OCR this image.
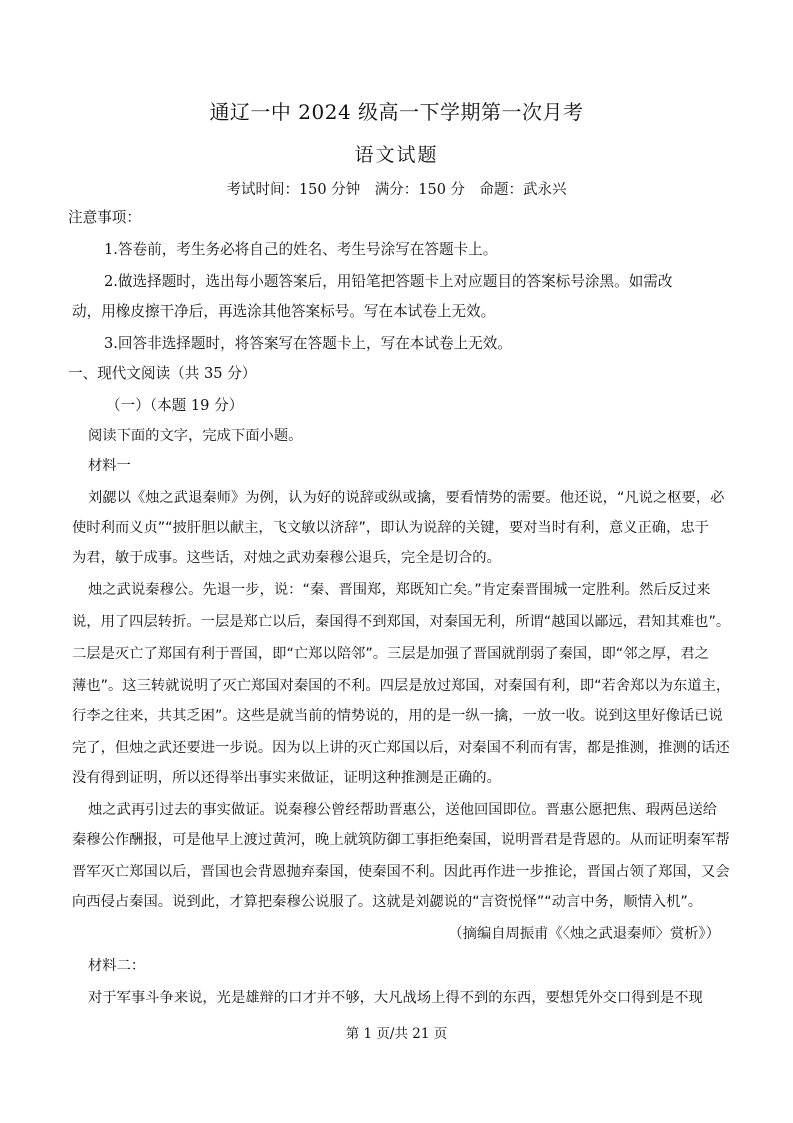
通辽一中 2024 级高一下学期第一次月考
语文试题
考试时间：150 分钟　满分：150 分　命题：武永兴
注意事项：
1.答卷前，考生务必将自己的姓名、考生号涂写在答题卡上。
2.做选择题时，选出每小题答案后，用铅笔把答题卡上对应题目的答案标号涂黑。如需改
动，用橡皮擦干净后，再选涂其他答案标号。写在本试卷上无效。
3.回答非选择题时，将答案写在答题卡上，写在本试卷上无效。
一、现代文阅读（共 35 分）
（一）（本题 19 分）
阅读下面的文字，完成下面小题。
材料一
刘勰以《烛之武退秦师》为例，认为好的说辞或纵或擒，要看情势的需要。他还说，“凡说之枢要，必
使时利而义贞”“披肝胆以献主，飞文敏以济辞”，即认为说辞的关键，要对当时有利，意义正确，忠于
为君，敏于成事。这些话，对烛之武劝秦穆公退兵，完全是切合的。
烛之武说秦穆公。先退一步，说：“秦、晋围郑，郑既知亡矣。”肯定秦晋围城一定胜利。然后反过来
说，用了四层转折。一层是郑亡以后，秦国得不到郑国，对秦国无利，所谓“越国以鄙远，君知其难也”。
二层是灭亡了郑国有利于晋国，即“亡郑以陪邻”。三层是加强了晋国就削弱了秦国，即“邻之厚，君之
薄也”。这三转就说明了灭亡郑国对秦国的不利。四层是放过郑国，对秦国有利，即“若舍郑以为东道主，
行李之往来，共其乏困”。这些是就当前的情势说的，用的是一纵一擒，一放一收。说到这里好像话已说
完了，但烛之武还要进一步说。因为以上讲的灭亡郑国以后，对秦国不利而有害，都是推测，推测的话还
没有得到证明，所以还得举出事实来做证，证明这种推测是正确的。
烛之武再引过去的事实做证。说秦穆公曾经帮助晋惠公，送他回国即位。晋惠公愿把焦、瑕两邑送给
秦穆公作酬报，可是他早上渡过黄河，晚上就筑防御工事拒绝秦国，说明晋君是背恩的。从而证明秦军帮
晋军灭亡郑国以后，晋国也会背恩抛弃秦国，使秦国不利。因此再作进一步推论，晋国占领了郑国，又会
向西侵占秦国。说到此，才算把秦穆公说服了。这就是刘勰说的“言资悦怿”“动言中务，顺情入机”。
（摘编自周振甫《〈烛之武退秦师〉赏析》）
材料二：
对于军事斗争来说，光是雄辩的口才并不够，大凡战场上得不到的东西，要想凭外交口得到是不现
第 1 页/共 21 页
